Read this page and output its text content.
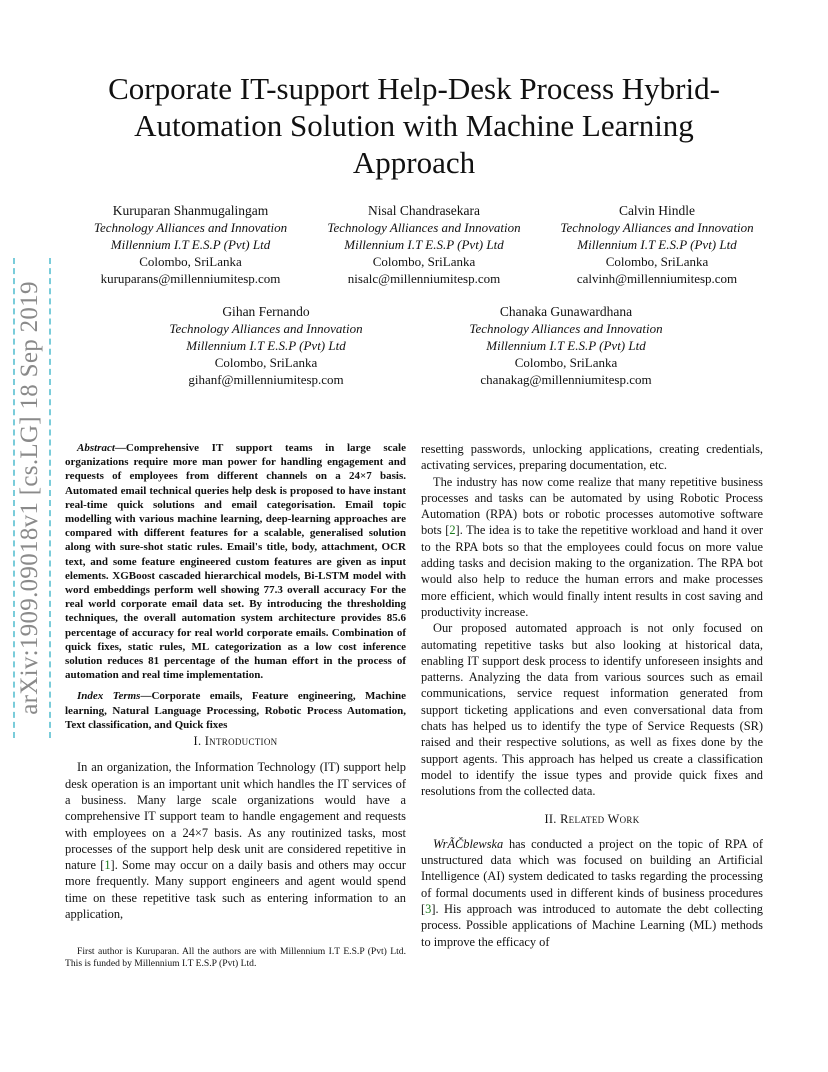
arXiv:1909.09018v1 [cs.LG] 18 Sep 2019
Corporate IT-support Help-Desk Process Hybrid-Automation Solution with Machine Learning Approach
Kuruparan Shanmugalingam
Technology Alliances and Innovation
Millennium I.T E.S.P (Pvt) Ltd
Colombo, SriLanka
kuruparans@millenniumitesp.com
Nisal Chandrasekara
Technology Alliances and Innovation
Millennium I.T E.S.P (Pvt) Ltd
Colombo, SriLanka
nisalc@millenniumitesp.com
Calvin Hindle
Technology Alliances and Innovation
Millennium I.T E.S.P (Pvt) Ltd
Colombo, SriLanka
calvinh@millenniumitesp.com
Gihan Fernando
Technology Alliances and Innovation
Millennium I.T E.S.P (Pvt) Ltd
Colombo, SriLanka
gihanf@millenniumitesp.com
Chanaka Gunawardhana
Technology Alliances and Innovation
Millennium I.T E.S.P (Pvt) Ltd
Colombo, SriLanka
chanakag@millenniumitesp.com

Abstract—Comprehensive IT support teams in large scale organizations require more man power for handling engagement and requests of employees from different channels on a 24×7 basis. Automated email technical queries help desk is proposed to have instant real-time quick solutions and email categorisation. Email topic modelling with various machine learning, deep-learning approaches are compared with different features for a scalable, generalised solution along with sure-shot static rules. Email's title, body, attachment, OCR text, and some feature engineered custom features are given as input elements. XGBoost cascaded hierarchical models, Bi-LSTM model with word embeddings perform well showing 77.3 overall accuracy For the real world corporate email data set. By introducing the thresholding techniques, the overall automation system architecture provides 85.6 percentage of accuracy for real world corporate emails. Combination of quick fixes, static rules, ML categorization as a low cost inference solution reduces 81 percentage of the human effort in the process of automation and real time implementation.

Index Terms—Corporate emails, Feature engineering, Machine learning, Natural Language Processing, Robotic Process Automation, Text classification, and Quick fixes

I. Introduction

In an organization, the Information Technology (IT) support help desk operation is an important unit which handles the IT services of a business. Many large scale organizations would have a comprehensive IT support team to handle engagement and requests with employees on a 24×7 basis. As any routinized tasks, most processes of the support help desk unit are considered repetitive in nature [ 1 ] . Some may occur on a daily basis and others may occur more frequently. Many support engineers and agent would spend time on these repetitive task such as entering information to an application,

First author is Kuruparan. All the authors are with Millennium I.T E.S.P (Pvt) Ltd. This is funded by Millennium I.T E.S.P (Pvt) Ltd.

resetting passwords, unlocking applications, creating credentials, activating services, preparing documentation, etc.

The industry has now come realize that many repetitive business processes and tasks can be automated by using Robotic Process Automation (RPA) bots or robotic processes automotive software bots [ 2 ] . The idea is to take the repetitive workload and hand it over to the RPA bots so that the employees could focus on more value adding tasks and decision making to the organization. The RPA bot would also help to reduce the human errors and make processes more efficient, which would finally intent results in cost saving and productivity increase.

Our proposed automated approach is not only focused on automating repetitive tasks but also looking at historical data, enabling IT support desk process to identify unforeseen insights and patterns. Analyzing the data from various sources such as email communications, service request information generated from support ticketing applications and even conversational data from chats has helped us to identify the type of Service Requests (SR) raised and their respective solutions, as well as fixes done by the support agents. This approach has helped us create a classification model to identify the issue types and provide quick fixes and resolutions from the collected data.

II. Related Work

WrÃČblewska has conducted a project on the topic of RPA of unstructured data which was focused on building an Artificial Intelligence (AI) system dedicated to tasks regarding the processing of formal documents used in different kinds of business procedures [ 3 ] . His approach was introduced to automate the debt collecting process. Possible applications of Machine Learning (ML) methods to improve the efficacy of
